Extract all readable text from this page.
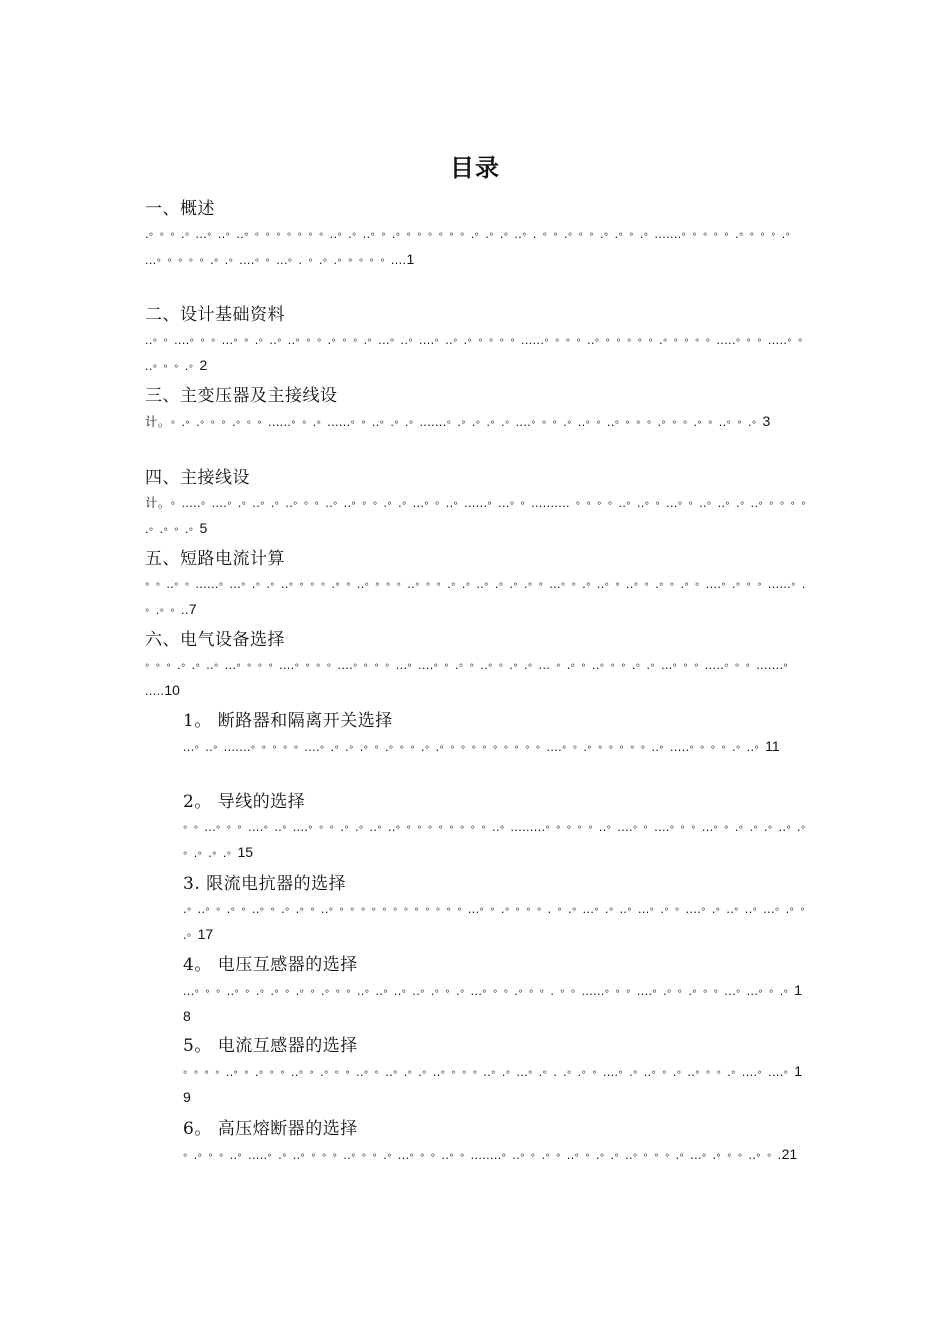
目录
一、概述
.◦ ◦ ◦ .◦ ...◦ ..◦ ..◦ ◦ ◦ ◦ ◦ ◦ ◦ ◦ ..◦ .◦ ..◦ ◦ .◦ ◦ ◦ ◦ ◦ ◦ ◦ .◦ .◦ .◦ ..◦ . ◦ ◦ .◦ ◦ ◦ .◦ .◦ ◦ .◦ .......◦ ◦ ◦ ◦ ◦ .◦ ◦ ◦ ◦ .◦ ...◦ ◦ ◦ ◦ ◦ .◦ .◦ ....◦ ◦ ...◦ . ◦ .◦ .◦ ◦ ◦ ◦ ◦ ....1
二、设计基础资料
..◦ ◦ ....◦ ◦ ◦ ...◦ ◦ .◦ ..◦ ..◦ ◦ ◦ .◦ ◦ ◦ .◦ ...◦ ..◦ ....◦ ..◦ .◦ ◦ ◦ ◦ ◦ ......◦ ◦ ◦ ◦ ..◦ ◦ ◦ ◦ ◦ ◦ .◦ ◦ ◦ ◦ ◦ .....◦ ◦ ◦ .....◦ ◦ ..◦ ◦ ◦ .◦ 2
三、主变压器及主接线设
计。◦ .◦ .◦ ◦ ◦ .◦ ◦ ◦ ......◦ ◦ .◦ ......◦ ◦ ..◦ .◦ .◦ .......◦ .◦ .◦ .◦ .◦ ....◦ ◦ ◦ .◦ ..◦ ◦ ..◦ ◦ ◦ ◦ .◦ ◦ ◦ .◦ ◦ ..◦ ◦ .◦ 3
四、主接线设
计。◦ .....◦ ....◦ .◦ ..◦ .◦ ..◦ ◦ ◦ ..◦ ..◦ ◦ ◦ .◦ .◦ ...◦ ◦ ..◦ ......◦ ...◦ ◦ .......... ◦ ◦ ◦ ◦ ..◦ ..◦ ◦ ...◦ ◦ ..◦ ..◦ .◦ ..◦ ◦ ◦ ◦ ◦ .◦ .◦ ◦ .◦ 5
五、短路电流计算
◦ ◦ ..◦ ◦ ......◦ ...◦ .◦ .◦ ..◦ ◦ ◦ ◦ .◦ ◦ ..◦ ◦ ◦ ◦ ..◦ ◦ ◦ .◦ .◦ ..◦ .◦ .◦ .◦ ◦ ...◦ ◦ .◦ ..◦ ◦ ..◦ ◦ .◦ ◦ .◦ ◦ ....◦ .◦ ◦ ◦ ......◦ .◦ .◦ ◦ ..7
六、电气设备选择
◦ ◦ ◦ .◦ .◦ ..◦ ...◦ ◦ ◦ ◦ ....◦ ◦ ◦ ◦ ....◦ ◦ ◦ ◦ ...◦ ....◦ ◦ .◦ ◦ ..◦ ◦ .◦ .◦ ... ◦ .◦ ◦ ..◦ ◦ ◦ .◦ .◦ ...◦ ◦ ◦ .....◦ ◦ ◦ .......◦ .....10
1。 断路器和隔离开关选择
...◦ ..◦ .......◦ ◦ ◦ ◦ ◦ ....◦ .◦ .◦ .◦ ◦ .◦ ◦ ◦ .◦ .◦ ◦ ◦ ◦ ◦ ◦ ◦ ◦ ◦ ◦ ....◦ ◦ .◦ ◦ ◦ ◦ ◦ ◦ ..◦ .....◦ ◦ ◦ ◦ .◦ ..◦ 11
2。 导线的选择
◦ ◦ ...◦ ◦ ◦ ....◦ ..◦ ....◦ ◦ ◦ .◦ .◦ ..◦ ..◦ ◦ ◦ ◦ ◦ ◦ ◦ ◦ ◦ ..◦ .........◦ ◦ ◦ ◦ ◦ ..◦ ....◦ ◦ ....◦ ◦ ◦ ...◦ ◦ .◦ .◦ .◦ ..◦ .◦ ◦ .◦ .◦ .◦ 15
3. 限流电抗器的选择
.◦ ..◦ ◦ .◦ ◦ ..◦ ◦ .◦ .◦ ◦ ..◦ ◦ ◦ ◦ ◦ ◦ ◦ ◦ ◦ ◦ ◦ ◦ ◦ ...◦ ◦ .◦ ◦ ◦ ◦ . ◦ .◦ ...◦ .◦ ..◦ ...◦ .◦ ◦ ....◦ .◦ ..◦ ..◦ ...◦ .◦ ◦ .◦ 17
4。 电压互感器的选择
...◦ ◦ ◦ ..◦ ◦ .◦ .◦ ◦ .◦ ◦ .◦ ◦ ◦ ..◦ ..◦ ..◦ ..◦ .◦ ◦ .◦ ...◦ ◦ ◦ .◦ ◦ ◦ . ◦ ◦ ......◦ ◦ ◦ ....◦ .◦ ◦ .◦ ◦ ◦ ...◦ ...◦ ◦ .◦ 18
5。 电流互感器的选择
◦ ◦ ◦ ◦ ..◦ ◦ .◦ ◦ ◦ ..◦ ◦ .◦ ◦ ◦ ..◦ ◦ ..◦ .◦ .◦ ..◦ ◦ ◦ ◦ ..◦ .◦ ...◦ .◦ . .◦ .◦ ◦ ....◦ .◦ ..◦ ◦ .◦ ..◦ ◦ ◦ .◦ ....◦ ....◦ 19
6。 高压熔断器的选择
◦ .◦ ◦ ◦ ..◦ .....◦ .◦ ..◦ ◦ ◦ ◦ ..◦ ◦ ◦ .◦ ...◦ ◦ ◦ ..◦ ◦ ........◦ ..◦ ◦ .◦ ◦ ..◦ ◦ .◦ .◦ ..◦ ◦ ◦ ◦ .◦ ...◦ .◦ ◦ ◦ ..◦ ◦ .21
